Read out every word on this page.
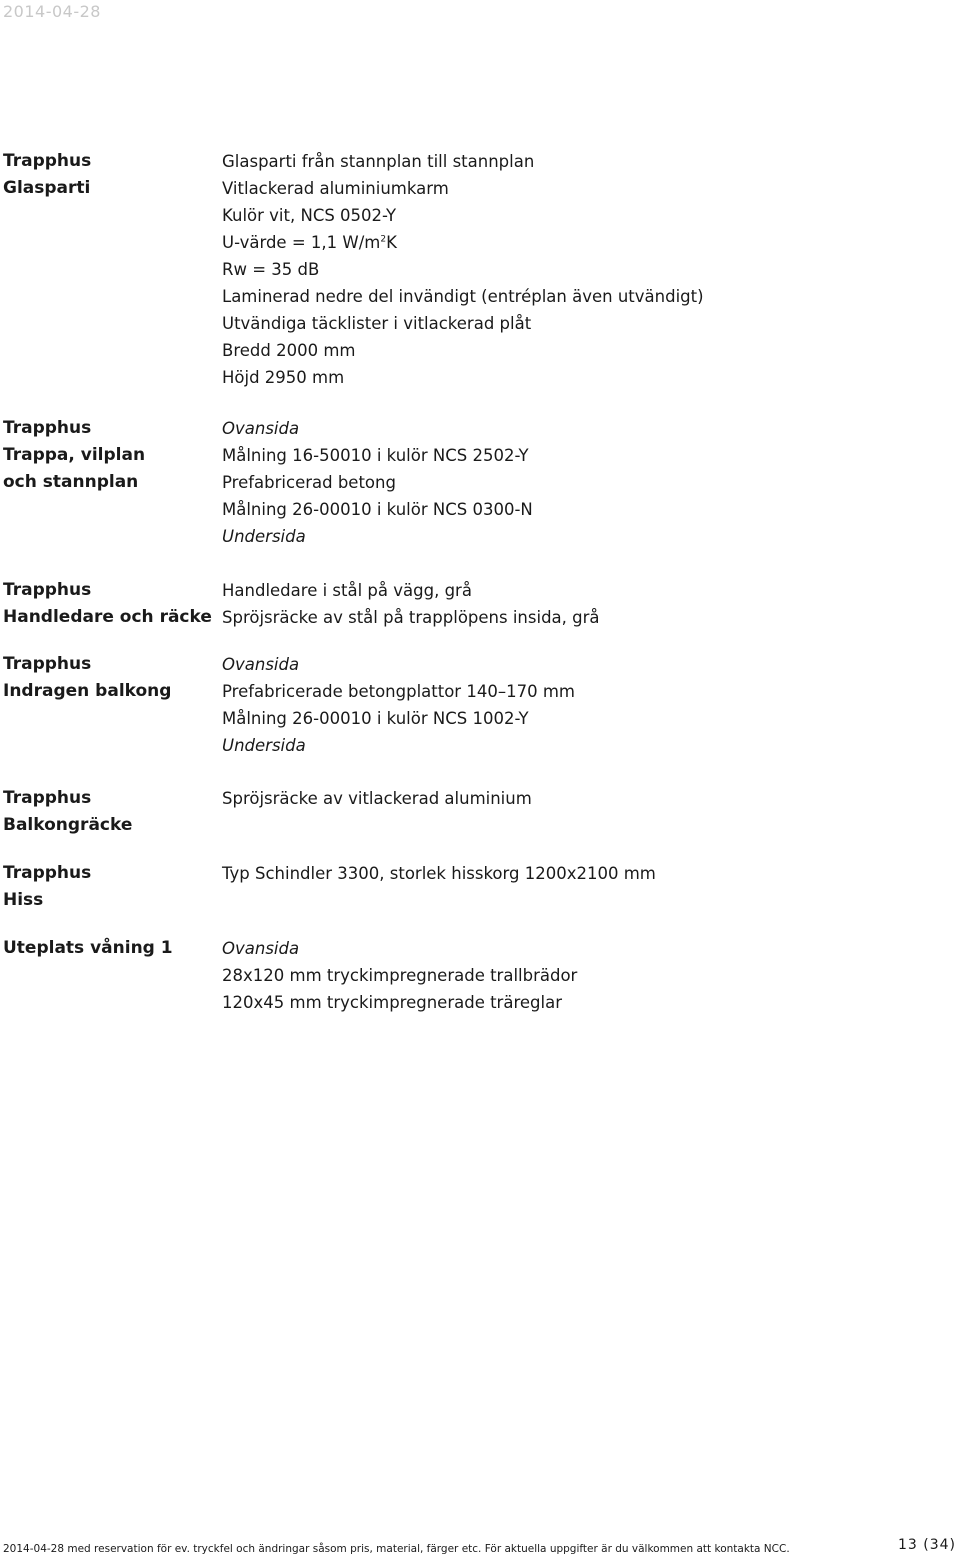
2014-04-28
Trapphus
Glasparti
Glasparti från stannplan till stannplan
Vitlackerad aluminiumkarm
Kulör vit, NCS 0502-Y
U-värde = 1,1 $W/m^2K$
Rw = 35 dB
Laminerad nedre del invändigt (entréplan även utvändigt)
Utvändiga täcklister i vitlackerad plåt
Bredd 2000 mm
Höjd 2950 mm
Trapphus
Trappa, vilplan
och stannplan
Ovansida
Målning 16-50010 i kulör NCS 2502-Y
Prefabricerad betong
Målning 26-00010 i kulör NCS 0300-N
Undersida
Trapphus
Handledare och räcke
Handledare i stål på vägg, grå
Spröjsräcke av stål på trapplöpens insida, grå
Trapphus
Indragen balkong
Ovansida
Prefabricerade betongplattor 140–170 mm
Målning 26-00010 i kulör NCS 1002-Y
Undersida
Trapphus
Balkongräcke
Spröjsräcke av vitlackerad aluminium
Trapphus
Hiss
Typ Schindler 3300, storlek hisskorg 1200x2100 mm
Uteplats våning 1	Ovansida
28x120 mm tryckimpregnerade trallbrädor
120x45 mm tryckimpregnerade träreglar
2014-04-28 med reservation för ev. tryckfel och ändringar såsom pris, material, färger etc. För aktuella uppgifter är du välkommen att kontakta NCC.	13 (34)
